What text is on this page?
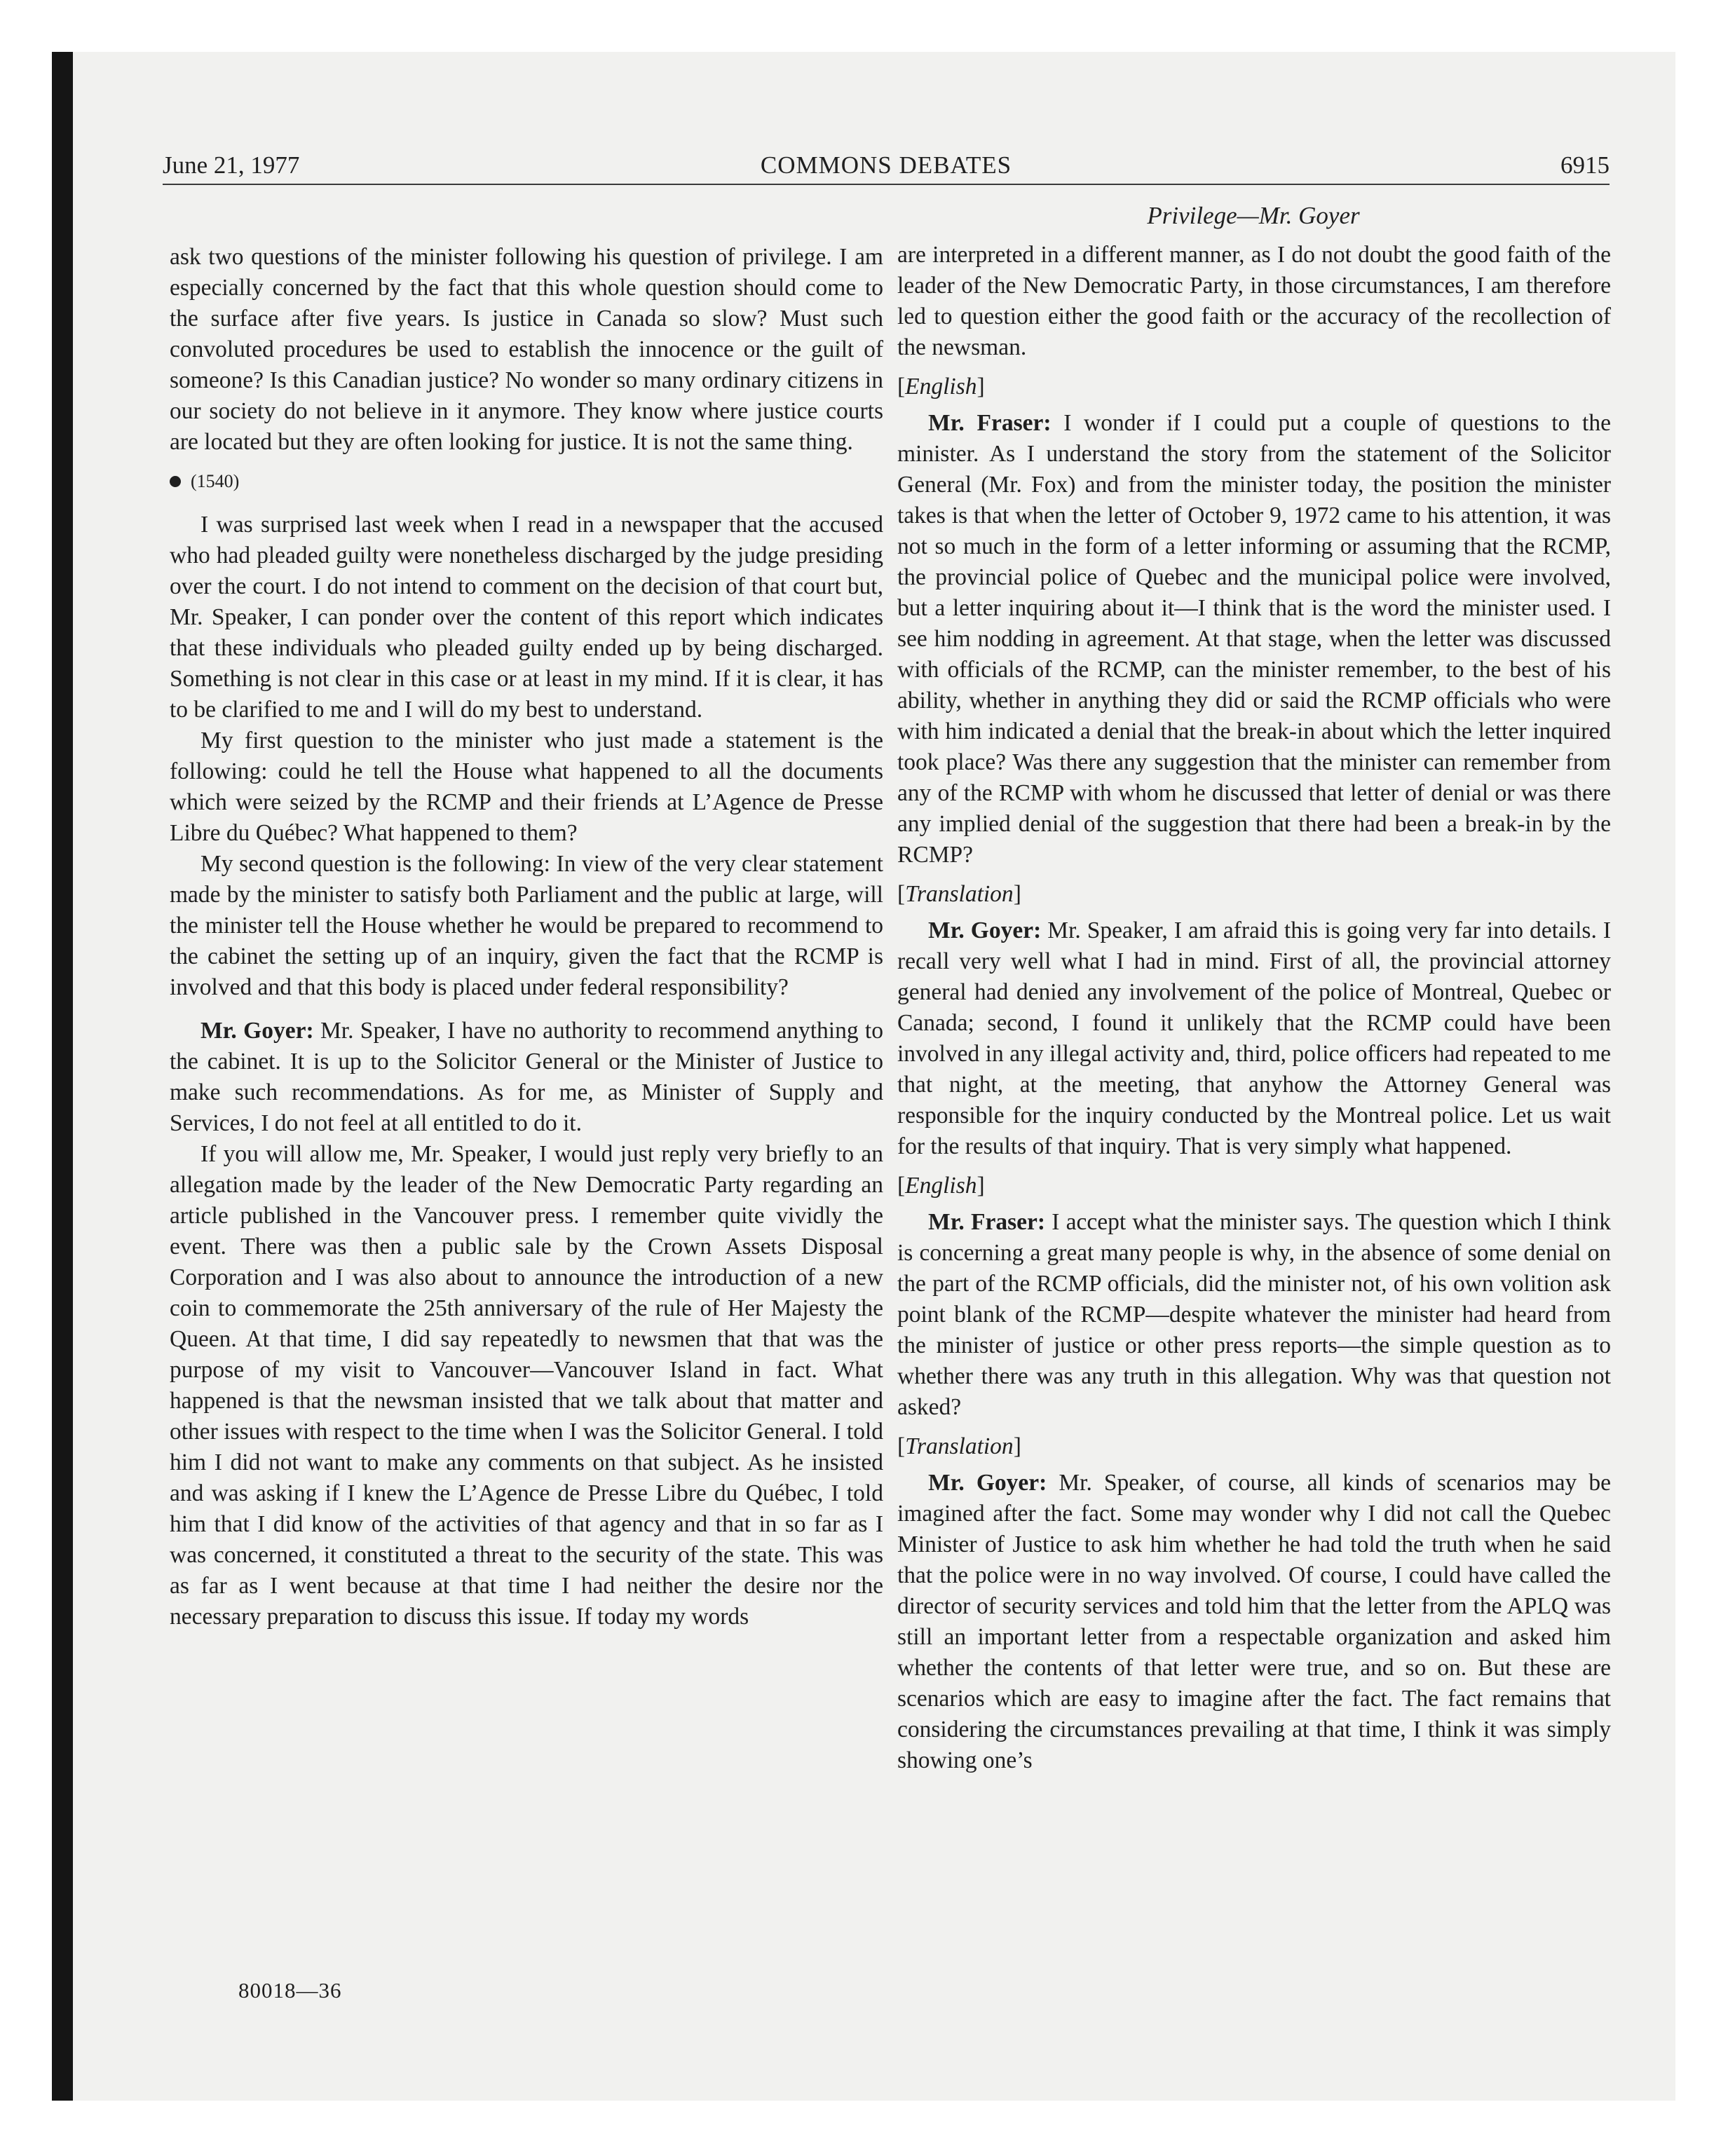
June 21, 1977	COMMONS DEBATES	6915
Privilege—Mr. Goyer

ask two questions of the minister following his question of privilege. I am especially concerned by the fact that this whole question should come to the surface after five years. Is justice in Canada so slow? Must such convoluted procedures be used to establish the innocence or the guilt of someone? Is this Canadian justice? No wonder so many ordinary citizens in our society do not believe in it anymore. They know where justice courts are located but they are often looking for justice. It is not the same thing.

(1540)

I was surprised last week when I read in a newspaper that the accused who had pleaded guilty were nonetheless discharged by the judge presiding over the court. I do not intend to comment on the decision of that court but, Mr. Speaker, I can ponder over the content of this report which indicates that these individuals who pleaded guilty ended up by being discharged. Something is not clear in this case or at least in my mind. If it is clear, it has to be clarified to me and I will do my best to understand.

My first question to the minister who just made a statement is the following: could he tell the House what happened to all the documents which were seized by the RCMP and their friends at L’Agence de Presse Libre du Québec? What happened to them?

My second question is the following: In view of the very clear statement made by the minister to satisfy both Parliament and the public at large, will the minister tell the House whether he would be prepared to recommend to the cabinet the setting up of an inquiry, given the fact that the RCMP is involved and that this body is placed under federal responsibility?

Mr. Goyer: Mr. Speaker, I have no authority to recommend anything to the cabinet. It is up to the Solicitor General or the Minister of Justice to make such recommendations. As for me, as Minister of Supply and Services, I do not feel at all entitled to do it.

If you will allow me, Mr. Speaker, I would just reply very briefly to an allegation made by the leader of the New Democratic Party regarding an article published in the Vancouver press. I remember quite vividly the event. There was then a public sale by the Crown Assets Disposal Corporation and I was also about to announce the introduction of a new coin to commemorate the 25th anniversary of the rule of Her Majesty the Queen. At that time, I did say repeatedly to newsmen that that was the purpose of my visit to Vancouver—Vancouver Island in fact. What happened is that the newsman insisted that we talk about that matter and other issues with respect to the time when I was the Solicitor General. I told him I did not want to make any comments on that subject. As he insisted and was asking if I knew the L’Agence de Presse Libre du Québec, I told him that I did know of the activities of that agency and that in so far as I was concerned, it constituted a threat to the security of the state. This was as far as I went because at that time I had neither the desire nor the necessary preparation to discuss this issue. If today my words

are interpreted in a different manner, as I do not doubt the good faith of the leader of the New Democratic Party, in those circumstances, I am therefore led to question either the good faith or the accuracy of the recollection of the newsman.

[English]

Mr. Fraser: I wonder if I could put a couple of questions to the minister. As I understand the story from the statement of the Solicitor General (Mr. Fox) and from the minister today, the position the minister takes is that when the letter of October 9, 1972 came to his attention, it was not so much in the form of a letter informing or assuming that the RCMP, the provincial police of Quebec and the municipal police were involved, but a letter inquiring about it—I think that is the word the minister used. I see him nodding in agreement. At that stage, when the letter was discussed with officials of the RCMP, can the minister remember, to the best of his ability, whether in anything they did or said the RCMP officials who were with him indicated a denial that the break-in about which the letter inquired took place? Was there any suggestion that the minister can remember from any of the RCMP with whom he discussed that letter of denial or was there any implied denial of the suggestion that there had been a break-in by the RCMP?

[Translation]

Mr. Goyer: Mr. Speaker, I am afraid this is going very far into details. I recall very well what I had in mind. First of all, the provincial attorney general had denied any involvement of the police of Montreal, Quebec or Canada; second, I found it unlikely that the RCMP could have been involved in any illegal activity and, third, police officers had repeated to me that night, at the meeting, that anyhow the Attorney General was responsible for the inquiry conducted by the Montreal police. Let us wait for the results of that inquiry. That is very simply what happened.

[English]

Mr. Fraser: I accept what the minister says. The question which I think is concerning a great many people is why, in the absence of some denial on the part of the RCMP officials, did the minister not, of his own volition ask point blank of the RCMP—despite whatever the minister had heard from the minister of justice or other press reports—the simple question as to whether there was any truth in this allegation. Why was that question not asked?

[Translation]

Mr. Goyer: Mr. Speaker, of course, all kinds of scenarios may be imagined after the fact. Some may wonder why I did not call the Quebec Minister of Justice to ask him whether he had told the truth when he said that the police were in no way involved. Of course, I could have called the director of security services and told him that the letter from the APLQ was still an important letter from a respectable organization and asked him whether the contents of that letter were true, and so on. But these are scenarios which are easy to imagine after the fact. The fact remains that considering the circumstances prevailing at that time, I think it was simply showing one’s

80018—36
